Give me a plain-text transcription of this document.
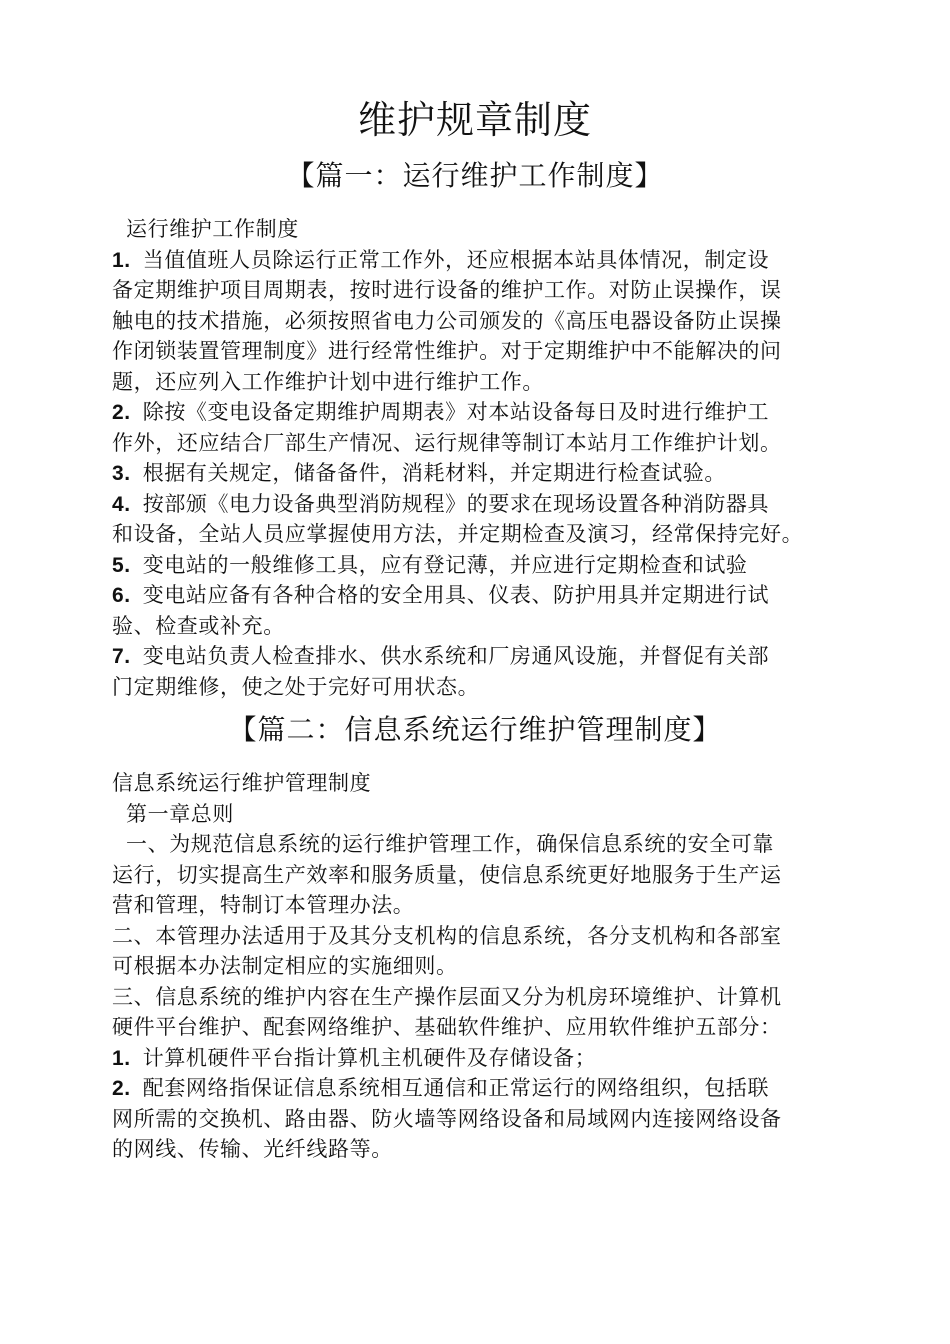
维护规章制度
【篇一：运行维护工作制度】
运行维护工作制度
1. 当值值班人员除运行正常工作外，还应根据本站具体情况，制定设
备定期维护项目周期表，按时进行设备的维护工作。对防止误操作，误
触电的技术措施，必须按照省电力公司颁发的《高压电器设备防止误操
作闭锁装置管理制度》进行经常性维护。对于定期维护中不能解决的问
题，还应列入工作维护计划中进行维护工作。
2. 除按《变电设备定期维护周期表》对本站设备每日及时进行维护工
作外，还应结合厂部生产情况、运行规律等制订本站月工作维护计划。
3. 根据有关规定，储备备件，消耗材料，并定期进行检查试验。
4. 按部颁《电力设备典型消防规程》的要求在现场设置各种消防器具
和设备，全站人员应掌握使用方法，并定期检查及演习，经常保持完好。
5. 变电站的一般维修工具，应有登记薄，并应进行定期检查和试验
6. 变电站应备有各种合格的安全用具、仪表、防护用具并定期进行试
验、检查或补充。
7. 变电站负责人检查排水、供水系统和厂房通风设施，并督促有关部
门定期维修，使之处于完好可用状态。
【篇二：信息系统运行维护管理制度】
信息系统运行维护管理制度
第一章总则
一、为规范信息系统的运行维护管理工作，确保信息系统的安全可靠
运行，切实提高生产效率和服务质量，使信息系统更好地服务于生产运
营和管理，特制订本管理办法。
二、本管理办法适用于及其分支机构的信息系统，各分支机构和各部室
可根据本办法制定相应的实施细则。
三、信息系统的维护内容在生产操作层面又分为机房环境维护、计算机
硬件平台维护、配套网络维护、基础软件维护、应用软件维护五部分：
1. 计算机硬件平台指计算机主机硬件及存储设备；
2. 配套网络指保证信息系统相互通信和正常运行的网络组织，包括联
网所需的交换机、路由器、防火墙等网络设备和局域网内连接网络设备
的网线、传输、光纤线路等。
